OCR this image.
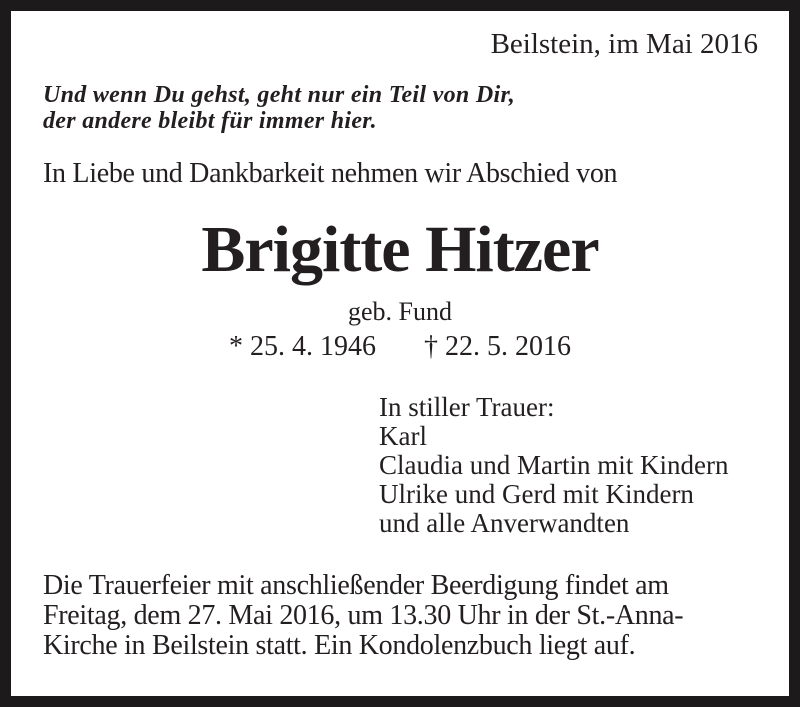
Beilstein, im Mai 2016
Und wenn Du gehst, geht nur ein Teil von Dir,
der andere bleibt für immer hier.
In Liebe und Dankbarkeit nehmen wir Abschied von
Brigitte Hitzer
geb. Fund
* 25. 4. 1946 † 22. 5. 2016
In stiller Trauer:
Karl
Claudia und Martin mit Kindern
Ulrike und Gerd mit Kindern
und alle Anverwandten
Die Trauerfeier mit anschließender Beerdigung findet am
Freitag, dem 27. Mai 2016, um 13.30 Uhr in der St.-Anna-
Kirche in Beilstein statt. Ein Kondolenzbuch liegt auf.
